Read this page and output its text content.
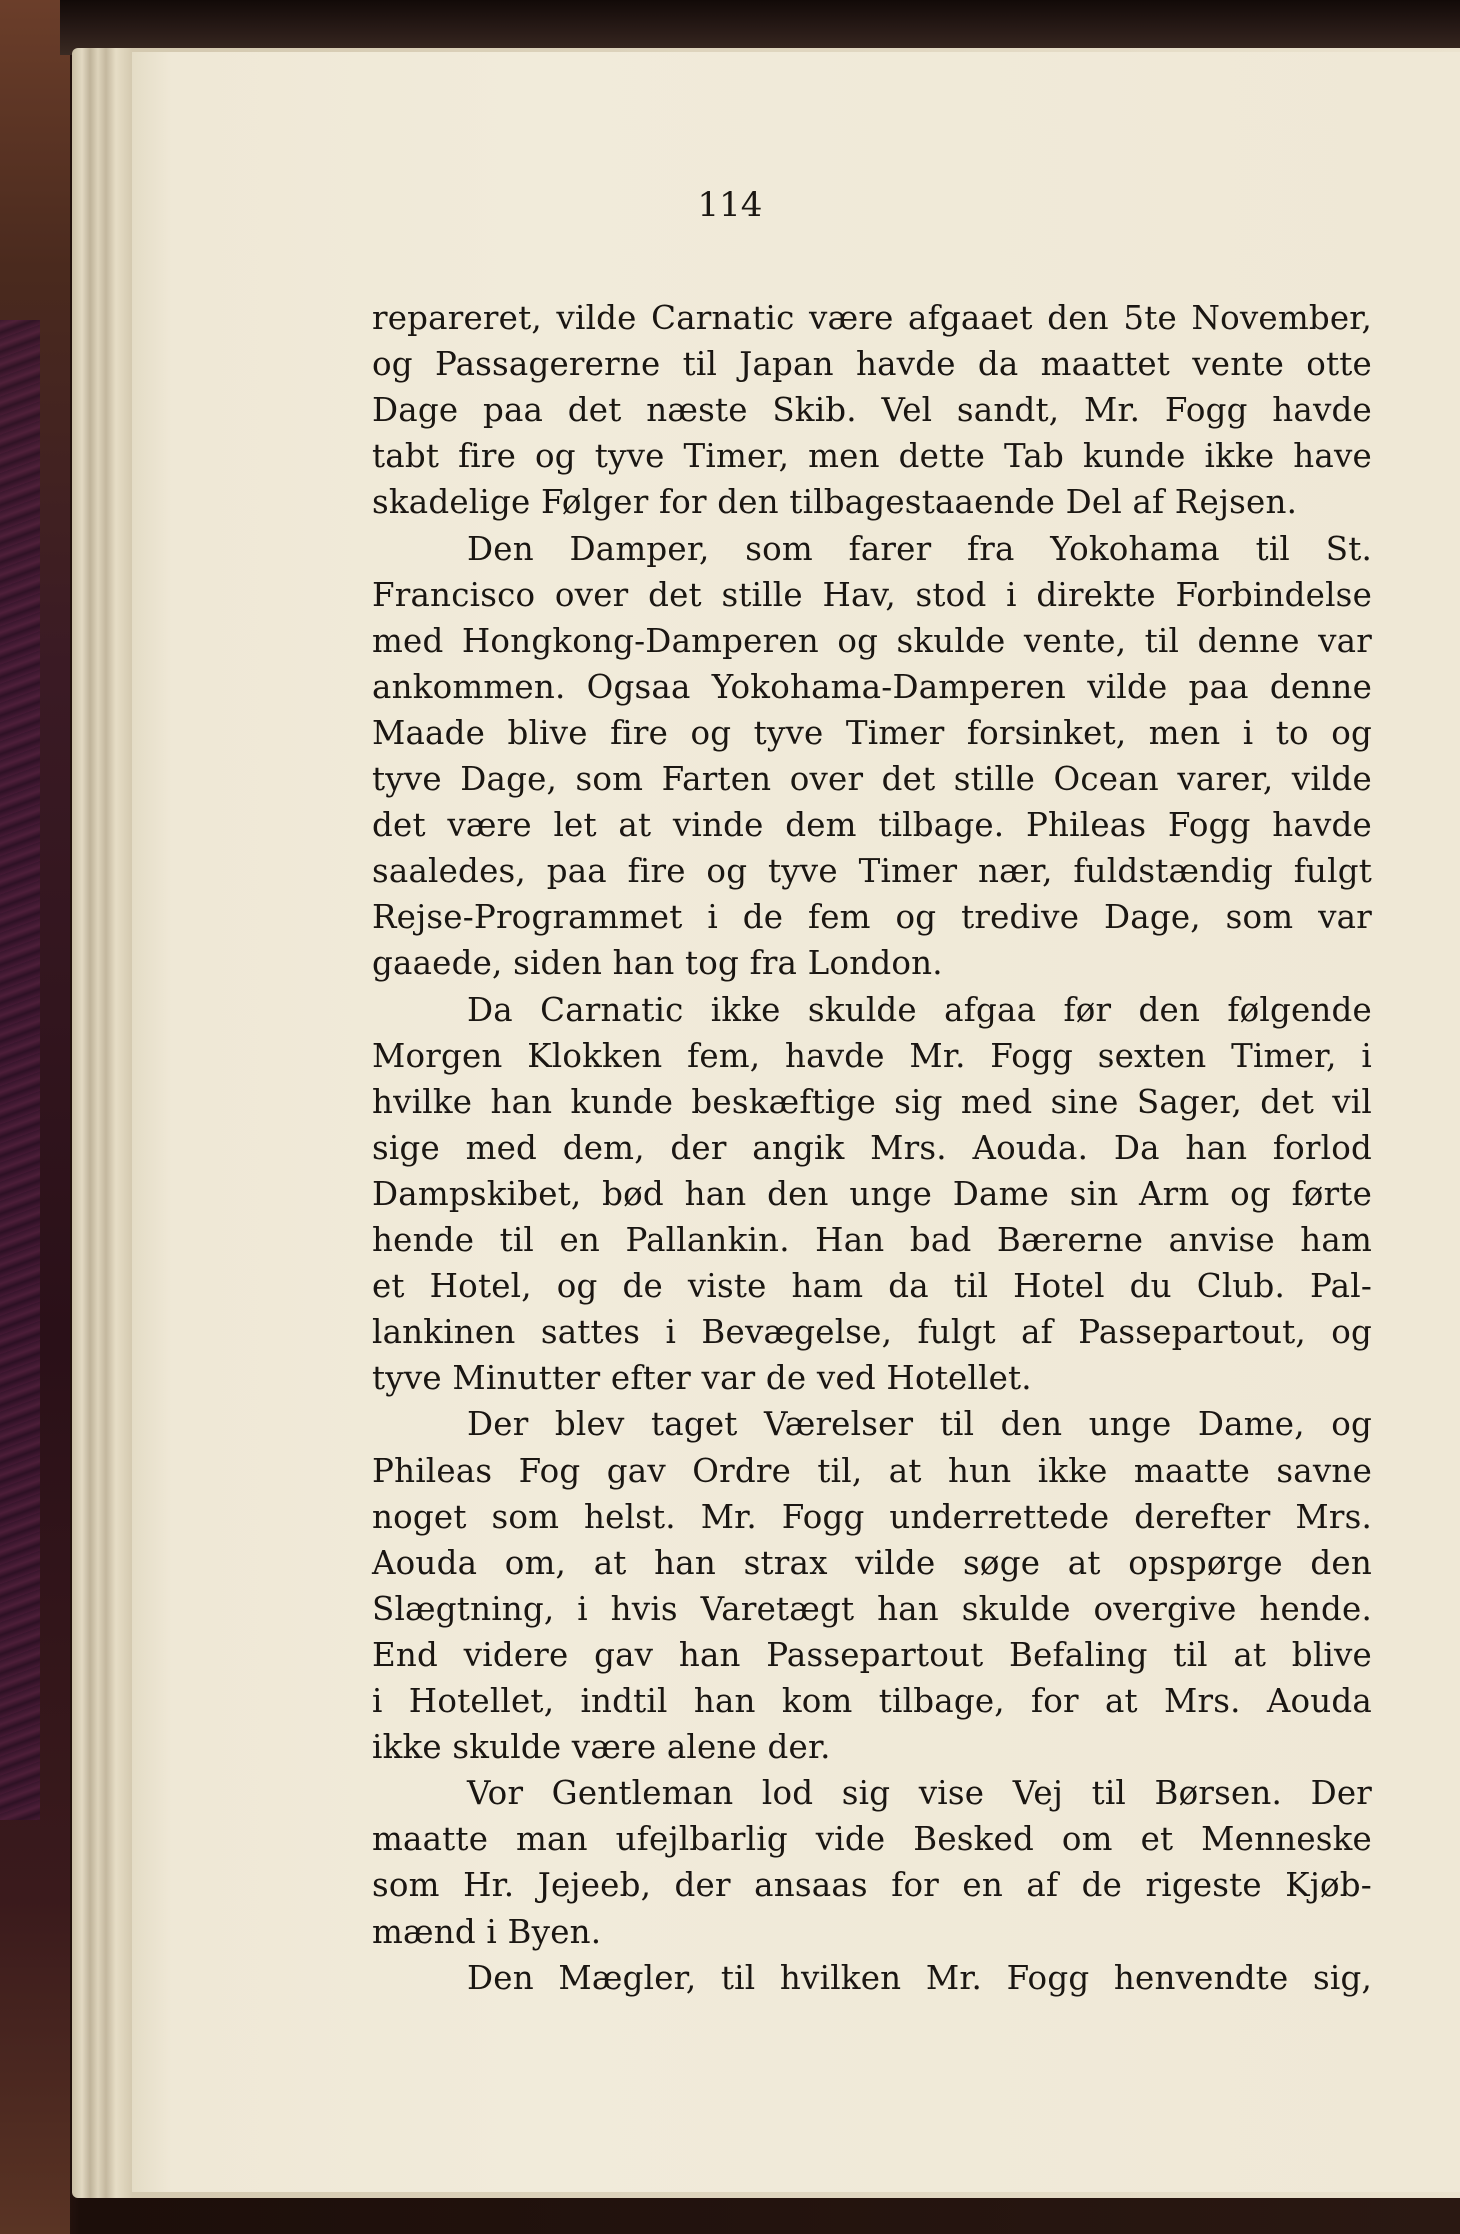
114
repareret, vilde Carnatic være afgaaet den 5te November,
og Passagererne til Japan havde da maattet vente otte
Dage paa det næste Skib. Vel sandt, Mr. Fogg havde
tabt fire og tyve Timer, men dette Tab kunde ikke have
skadelige Følger for den tilbagestaaende Del af Rejsen.
Den Damper, som farer fra Yokohama til St.
Francisco over det stille Hav, stod i direkte Forbindelse
med Hongkong-Damperen og skulde vente, til denne var
ankommen. Ogsaa Yokohama-Damperen vilde paa denne
Maade blive fire og tyve Timer forsinket, men i to og
tyve Dage, som Farten over det stille Ocean varer, vilde
det være let at vinde dem tilbage. Phileas Fogg havde
saaledes, paa fire og tyve Timer nær, fuldstændig fulgt
Rejse-Programmet i de fem og tredive Dage, som var
gaaede, siden han tog fra London.
Da Carnatic ikke skulde afgaa før den følgende
Morgen Klokken fem, havde Mr. Fogg sexten Timer, i
hvilke han kunde beskæftige sig med sine Sager, det vil
sige med dem, der angik Mrs. Aouda. Da han forlod
Dampskibet, bød han den unge Dame sin Arm og førte
hende til en Pallankin. Han bad Bærerne anvise ham
et Hotel, og de viste ham da til Hotel du Club. Pal-
lankinen sattes i Bevægelse, fulgt af Passepartout, og
tyve Minutter efter var de ved Hotellet.
Der blev taget Værelser til den unge Dame, og
Phileas Fog gav Ordre til, at hun ikke maatte savne
noget som helst. Mr. Fogg underrettede derefter Mrs.
Aouda om, at han strax vilde søge at opspørge den
Slægtning, i hvis Varetægt han skulde overgive hende.
End videre gav han Passepartout Befaling til at blive
i Hotellet, indtil han kom tilbage, for at Mrs. Aouda
ikke skulde være alene der.
Vor Gentleman lod sig vise Vej til Børsen. Der
maatte man ufejlbarlig vide Besked om et Menneske
som Hr. Jejeeb, der ansaas for en af de rigeste Kjøb-
mænd i Byen.
Den Mægler, til hvilken Mr. Fogg henvendte sig,
